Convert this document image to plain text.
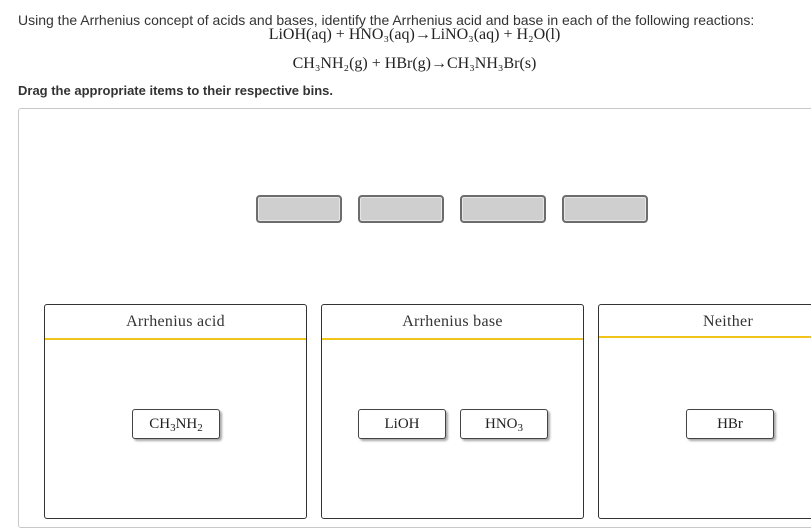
Using the Arrhenius concept of acids and bases, identify the Arrhenius acid and base in each of the following reactions:
LiOH(aq) + HNO₃(aq)→LiNO₃(aq) + H₂O(l)
CH₃NH₂(g) + HBr(g)→CH₃NH₃Br(s)
Drag the appropriate items to their respective bins.
Arrhenius acid
CH 3 NH 2
Arrhenius base
LiOH	HNO 3
Neither
HBr
